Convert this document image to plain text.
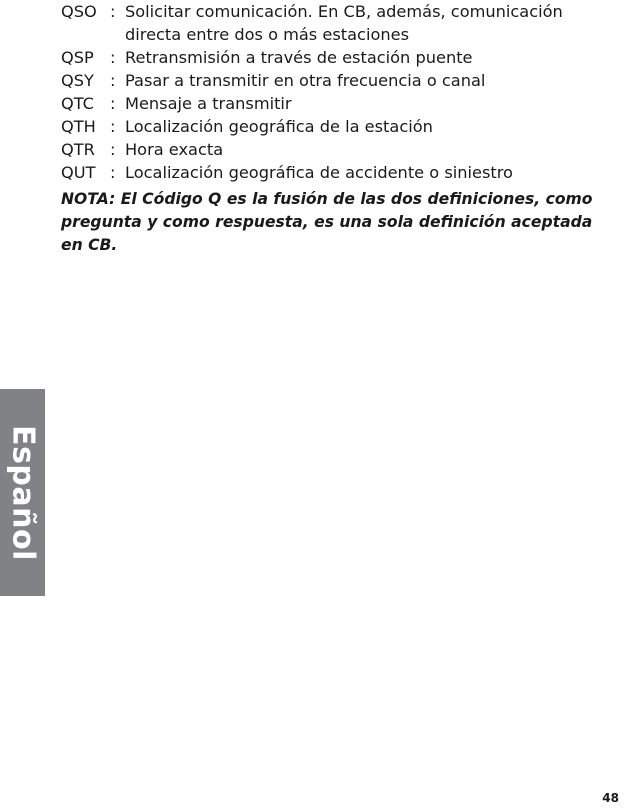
QSO : Solicitar comunicación. En CB, además, comunicación directa entre dos o más estaciones
QSP	: Retransmisión a través de estación puente
QSY : Pasar a transmitir en otra frecuencia o canal
QTC : Mensaje a transmitir
QTH : Localización geográfica de la estación
QTR : Hora exacta
QUT : Localización geográfica de accidente o siniestro

NOTA: El Código Q es la fusión de las dos definiciones, como pregunta y como respuesta, es una sola definición aceptada en CB.

Español
48
